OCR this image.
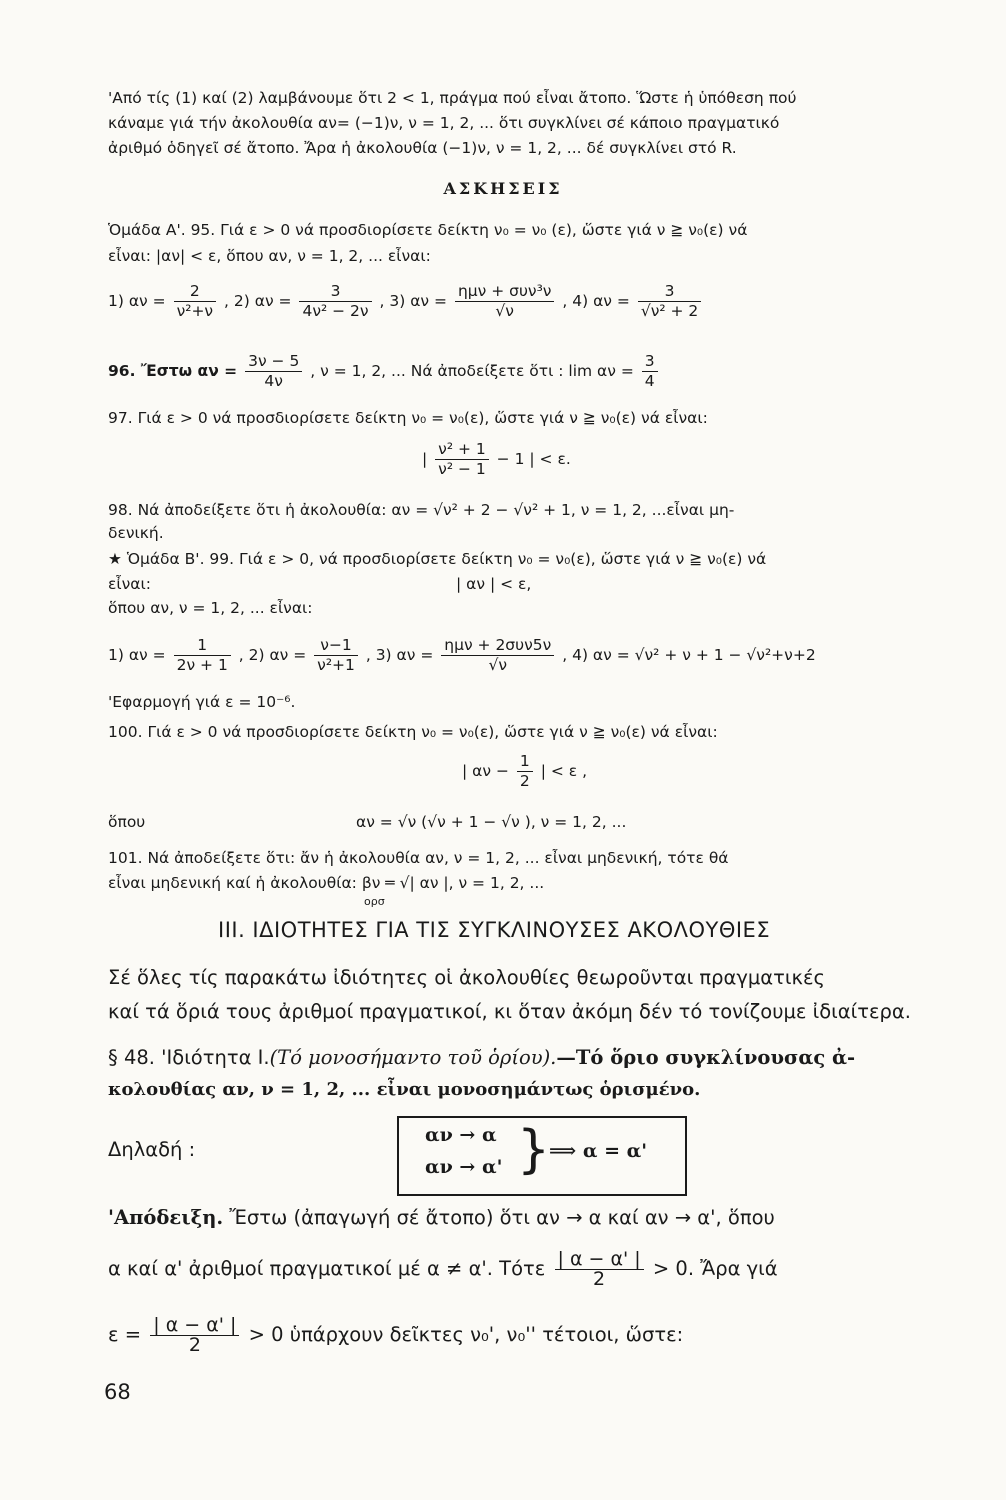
'Από τίς (1) καί (2) λαμβάνουμε ὅτι 2 < 1, πράγμα πού εἶναι ἄτοπο. Ὥστε ἡ ὑπόθεση πού
κάναμε γιά τήν ἀκολουθία αν= (−1)ν, ν = 1, 2, ... ὅτι συγκλίνει σέ κάποιο πραγματικό
ἀριθμό ὁδηγεῖ σέ ἄτοπο. Ἄρα ἡ ἀκολουθία (−1)ν, ν = 1, 2, ... δέ συγκλίνει στό R.
ΑΣΚΗΣΕΙΣ
Ὁμάδα Α'. 95. Γιά ε > 0 νά προσδιορίσετε δείκτη ν₀ = ν₀ (ε), ὥστε γιά ν ≧ ν₀(ε) νά
εἶναι: |αν| < ε, ὅπου αν, ν = 1, 2, ... εἶναι:
1) $\alpha\nu = \frac{2}{\text{ν²+ν}}$ , 2) $\alpha\nu = \frac{3}{\text{4ν² − 2ν}}$ , 3) $\alpha\nu = \frac{\text{ημν + συν³ν}}{√\nu}$ , 4) $\alpha\nu = \frac{3}{\text{√ν² + 2}}$
96. Ἔστω $\alpha\nu = \frac{3\nu - 5}{4\nu}$ , ν = 1, 2, ... Νά ἀποδείξετε ὅτι : $\lim \alpha\nu = \frac{3}{4}$
97. Γιά ε > 0 νά προσδιορίσετε δείκτη ν₀ = ν₀(ε), ὥστε γιά ν ≧ ν₀(ε) νά εἶναι:
| $\frac{\text{ν² + 1}}{\text{ν² − 1}} - 1$ | < ε.
98. Νά ἀποδείξετε ὅτι ἡ ἀκολουθία: αν = √ν² + 2 − √ν² + 1, ν = 1, 2, ...εἶναι μη-
δενική.
★ Ὁμάδα Β'. 99. Γιά ε > 0, νά προσδιορίσετε δείκτη ν₀ = ν₀(ε), ὥστε γιά ν ≧ ν₀(ε) νά
εἶναι:	| αν | < ε,
ὅπου αν, ν = 1, 2, ... εἶναι:
1) $\alpha\nu = \frac{1}{2\nu + 1}$ , 2) $\alpha\nu = \frac{\nu-1}{\text{ν²+1}}$ , 3) $\alpha\nu = \frac{\text{ημν + 2συν5ν}}{√\nu}$ , 4) αν = √ν² + ν + 1 − √ν²+ν+2
'Εφαρμογή γιά ε = 10⁻⁶.
100. Γιά ε > 0 νά προσδιορίσετε δείκτη ν₀ = ν₀(ε), ὥστε γιά ν ≧ ν₀(ε) νά εἶναι:
| $\alpha\nu - \frac{1}{2}$ | < ε ,
ὅπου	αν = √ν (√ν + 1 − √ν ), ν = 1, 2, ...
101. Νά ἀποδείξετε ὅτι: ἄν ἡ ἀκολουθία αν, ν = 1, 2, ... εἶναι μηδενική, τότε θά
εἶναι μηδενική καί ἡ ἀκολουθία: βν ═ √| αν |, ν = 1, 2, ...
ορσ
ΙΙΙ. ΙΔΙΟΤΗΤΕΣ ΓΙΑ ΤΙΣ ΣΥΓΚΛΙΝΟΥΣΕΣ ΑΚΟΛΟΥΘΙΕΣ
Σέ ὅλες τίς παρακάτω ἰδιότητες οἱ ἀκολουθίες θεωροῦνται πραγματικές
καί τά ὅριά τους ἀριθμοί πραγματικοί, κι ὅταν ἀκόμη δέν τό τονίζουμε ἰδιαίτερα.
§ 48. 'Ιδιότητα Ι.(Τό μονοσήμαντο τοῦ ὁρίου).—Τό ὅριο συγκλίνουσας ἀ-
κολουθίας αν, ν = 1, 2, ... εἶναι μονοσημάντως ὁρισμένο.
Δηλαδή :
αν → α
αν → α' }
⟹ α = α'
'Απόδειξη. Ἔστω (ἀπαγωγή σέ ἄτοπο) ὅτι αν → α καί αν → α', ὅπου
α καί α' ἀριθμοί πραγματικοί μέ α ≠ α'. Τότε $\frac{| \alpha - \alpha' |}{2} > 0$. Ἄρα γιά
$\varepsilon = \frac{| \alpha - \alpha' |}{2} > 0$ ὑπάρχουν δεῖκτες ν₀', ν₀'' τέτοιοι, ὥστε:
68
